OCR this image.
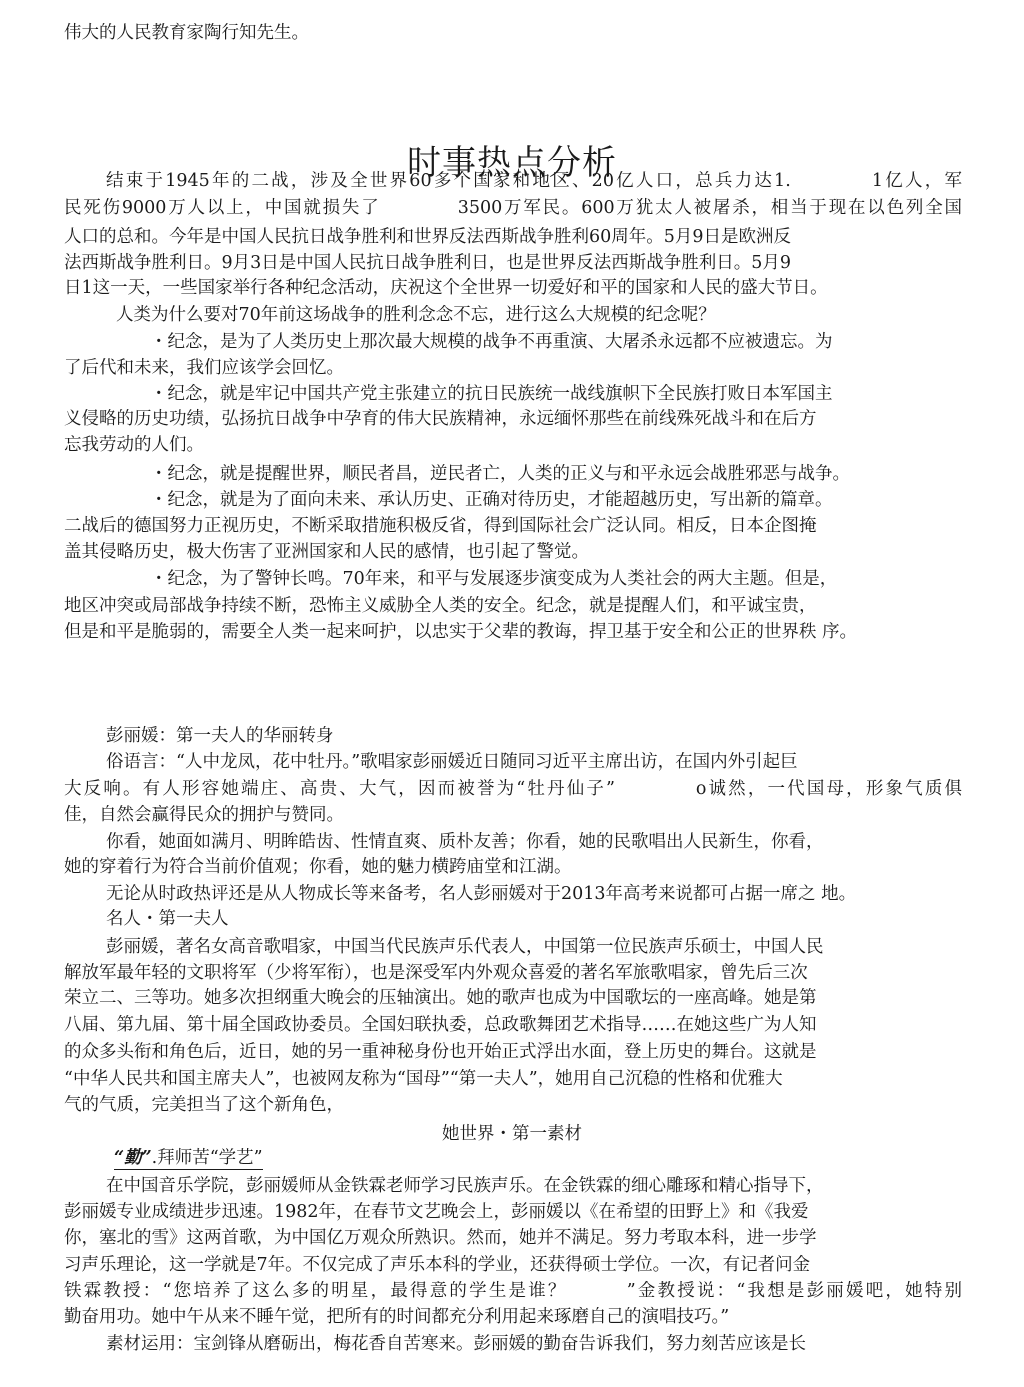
伟大的人民教育家陶行知先生。
时事热点分析
结束于1945年的二战，涉及全世界60多个国家和地区、20亿人口，总兵力达1.　　　　1亿人，军
民死伤9000万人以上，中国就损失了　　　　3500万军民。600万犹太人被屠杀，相当于现在以色列全国
人口的总和。今年是中国人民抗日战争胜利和世界反法西斯战争胜利60周年。5月9日是欧洲反
法西斯战争胜利日。9月3日是中国人民抗日战争胜利日，也是世界反法西斯战争胜利日。5月9
日1这一天，一些国家举行各种纪念活动，庆祝这个全世界一切爱好和平的国家和人民的盛大节日。
人类为什么要对70年前这场战争的胜利念念不忘，进行这么大规模的纪念呢？
・纪念，是为了人类历史上那次最大规模的战争不再重演、大屠杀永远都不应被遗忘。为
了后代和未来，我们应该学会回忆。
・纪念，就是牢记中国共产党主张建立的抗日民族统一战线旗帜下全民族打败日本军国主
义侵略的历史功绩，弘扬抗日战争中孕育的伟大民族精神，永远缅怀那些在前线殊死战斗和在后方
忘我劳动的人们。
・纪念，就是提醒世界，顺民者昌，逆民者亡，人类的正义与和平永远会战胜邪恶与战争。
・纪念，就是为了面向未来、承认历史、正确对待历史，才能超越历史，写出新的篇章。
二战后的德国努力正视历史，不断采取措施积极反省，得到国际社会广泛认同。相反，日本企图掩
盖其侵略历史，极大伤害了亚洲国家和人民的感情，也引起了警觉。
・纪念，为了警钟长鸣。70年来，和平与发展逐步演变成为人类社会的两大主题。但是，
地区冲突或局部战争持续不断，恐怖主义威胁全人类的安全。纪念，就是提醒人们，和平诚宝贵，
但是和平是脆弱的，需要全人类一起来呵护，以忠实于父辈的教诲，捍卫基于安全和公正的世界秩 序。
彭丽媛：第一夫人的华丽转身
俗语言：“人中龙凤，花中牡丹。”歌唱家彭丽媛近日随同习近平主席出访，在国内外引起巨
大反响。有人形容她端庄、高贵、大气，因而被誉为“牡丹仙子”　　　　o诚然，一代国母，形象气质俱
佳，自然会赢得民众的拥护与赞同。
你看，她面如满月、明眸皓齿、性情直爽、质朴友善；你看，她的民歌唱出人民新生，你看，
她的穿着行为符合当前价值观；你看，她的魅力横跨庙堂和江湖。
无论从时政热评还是从人物成长等来备考，名人彭丽媛对于2013年高考来说都可占据一席之 地。
名人・第一夫人
彭丽媛，著名女高音歌唱家，中国当代民族声乐代表人，中国第一位民族声乐硕士，中国人民
解放军最年轻的文职将军（少将军衔），也是深受军内外观众喜爱的著名军旅歌唱家，曾先后三次
荣立二、三等功。她多次担纲重大晚会的压轴演出。她的歌声也成为中国歌坛的一座高峰。她是第
八届、第九届、第十届全国政协委员。全国妇联执委，总政歌舞团艺术指导……在她这些广为人知
的众多头衔和角色后，近日，她的另一重神秘身份也开始正式浮出水面，登上历史的舞台。这就是
“中华人民共和国主席夫人”，也被网友称为“国母”“第一夫人”，她用自己沉稳的性格和优雅大
气的气质，完美担当了这个新角色，
她世界・第一素材
“勤”.拜师苦“学艺”
在中国音乐学院，彭丽媛师从金铁霖老师学习民族声乐。在金铁霖的细心雕琢和精心指导下，
彭丽媛专业成绩进步迅速。1982年，在春节文艺晚会上，彭丽媛以《在希望的田野上》和《我爱
你，塞北的雪》这两首歌，为中国亿万观众所熟识。然而，她并不满足。努力考取本科，进一步学
习声乐理论，这一学就是7年。不仅完成了声乐本科的学业，还获得硕士学位。一次，有记者问金
铁霖教授：“您培养了这么多的明星，最得意的学生是谁？　　　”金教授说：“我想是彭丽媛吧，她特别
勤奋用功。她中午从来不睡午觉，把所有的时间都充分利用起来琢磨自己的演唱技巧。”
素材运用：宝剑锋从磨砺出，梅花香自苦寒来。彭丽媛的勤奋告诉我们，努力刻苦应该是长
